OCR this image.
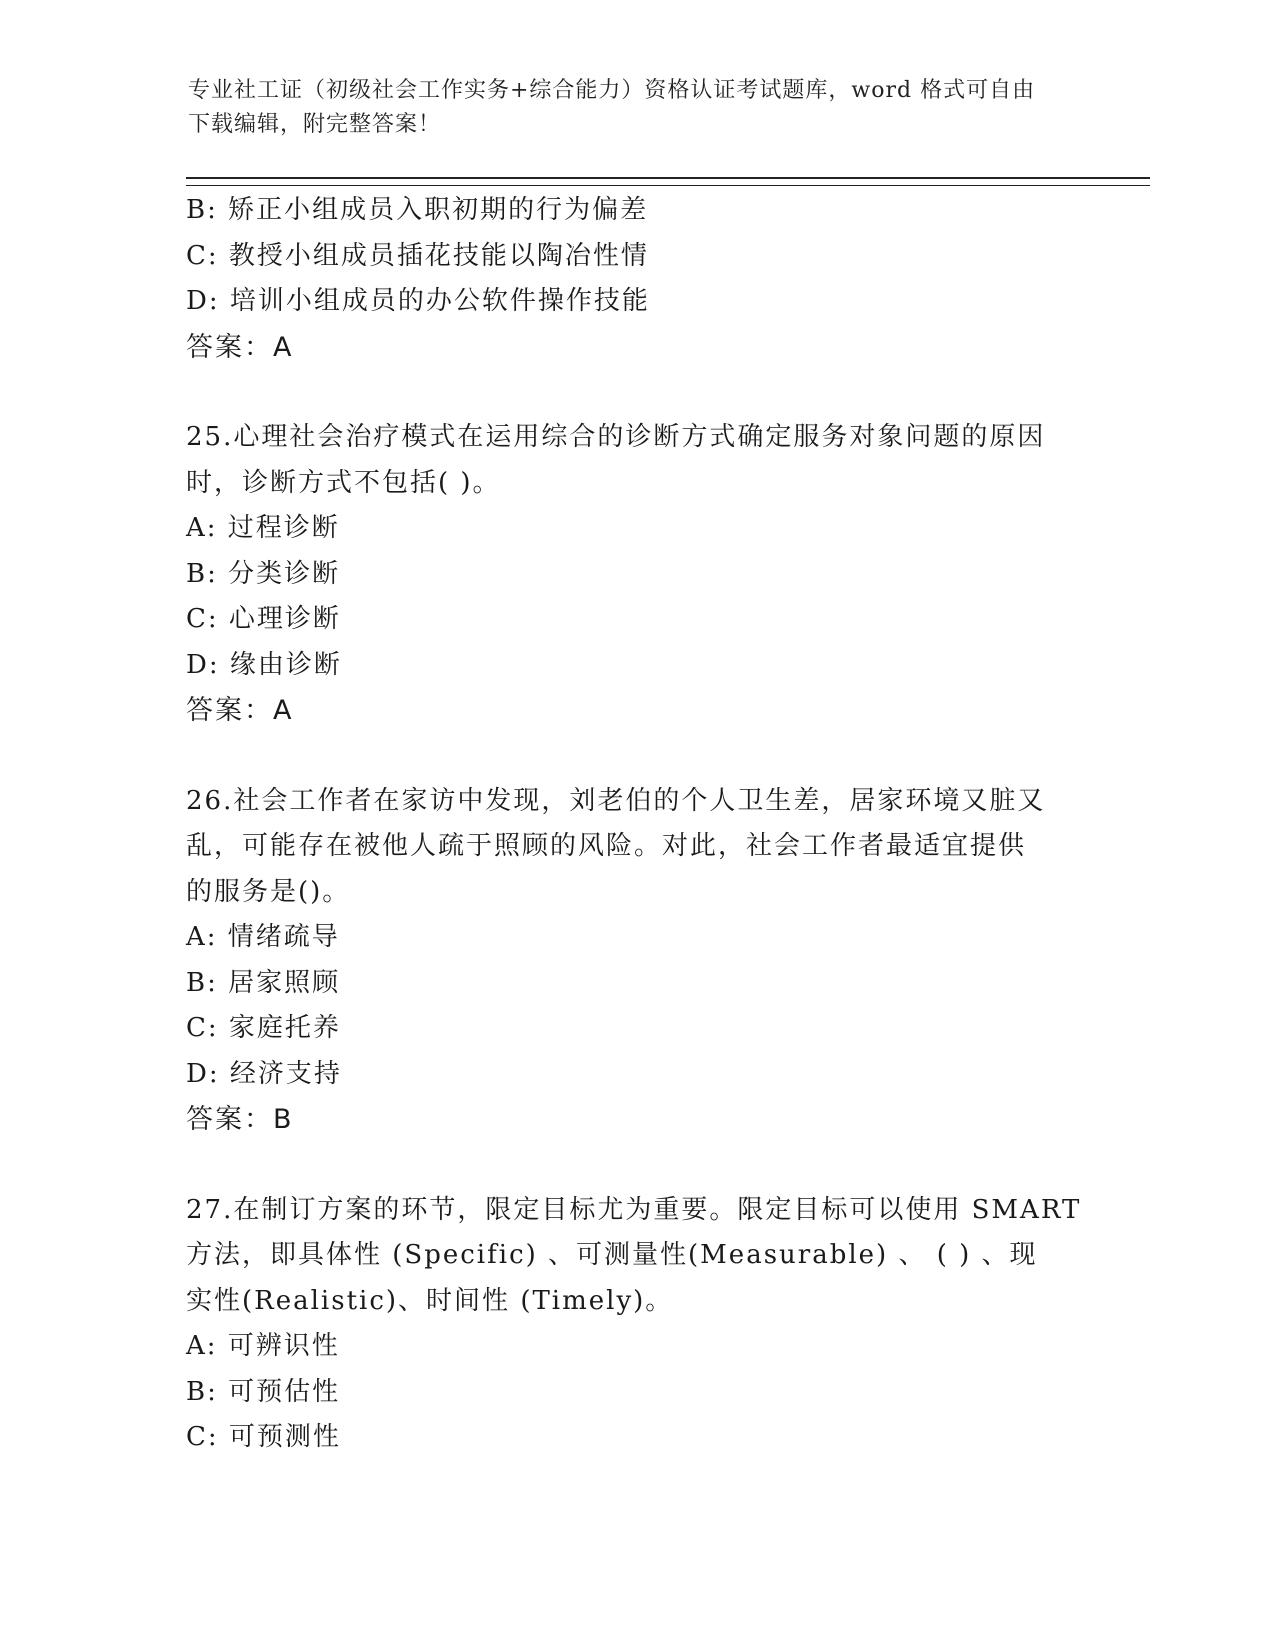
专业社工证（初级社会工作实务+综合能力）资格认证考试题库，word 格式可自由
下载编辑，附完整答案！
B: 矫正小组成员入职初期的行为偏差
C: 教授小组成员插花技能以陶冶性情
D: 培训小组成员的办公软件操作技能
答案：A
25.心理社会治疗模式在运用综合的诊断方式确定服务对象问题的原因
时，诊断方式不包括( )。
A: 过程诊断
B: 分类诊断
C: 心理诊断
D: 缘由诊断
答案：A
26.社会工作者在家访中发现，刘老伯的个人卫生差，居家环境又脏又
乱，可能存在被他人疏于照顾的风险。对此，社会工作者最适宜提供
的服务是()。
A: 情绪疏导
B: 居家照顾
C: 家庭托养
D: 经济支持
答案：B
27.在制订方案的环节，限定目标尤为重要。限定目标可以使用 SMART
方法，即具体性 (Specific) 、可测量性(Measurable) 、 ( ) 、现
实性(Realistic)、时间性 (Timely)。
A: 可辨识性
B: 可预估性
C: 可预测性
